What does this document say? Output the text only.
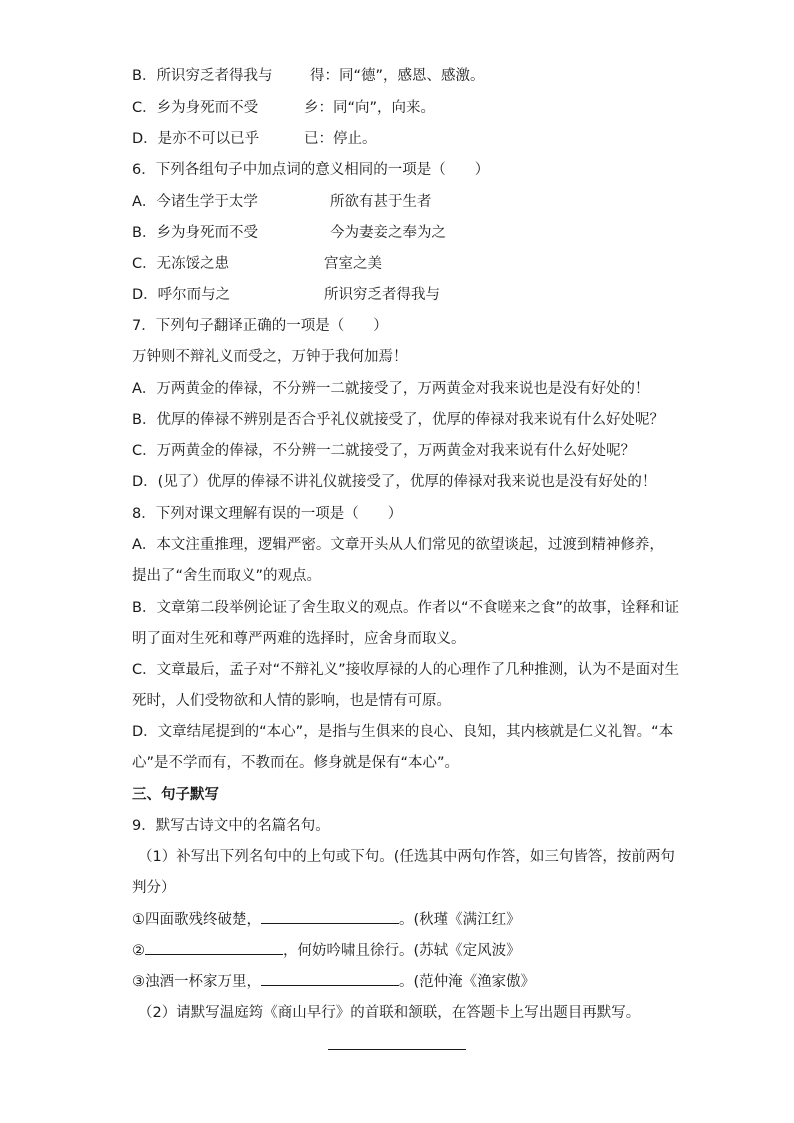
B．所识穷乏者得我与	得：同“德”，感恩、感激。
C．乡为身死而不受	乡：同“向”，向来。
D．是亦不可以已乎	已：停止。
6．下列各组句子中加点词的意义相同的一项是（　　）
A．今诸生学于太学	所欲有甚于生者
B．乡为身死而不受	今为妻妾之奉为之
C．无冻馁之患	宫室之美
D．呼尔而与之	所识穷乏者得我与
7．下列句子翻译正确的一项是（　　）
万钟则不辩礼义而受之，万钟于我何加焉！
A．万两黄金的俸禄，不分辨一二就接受了，万两黄金对我来说也是没有好处的！
B．优厚的俸禄不辨别是否合乎礼仪就接受了，优厚的俸禄对我来说有什么好处呢？
C．万两黄金的俸禄，不分辨一二就接受了，万两黄金对我来说有什么好处呢？
D．(见了）优厚的俸禄不讲礼仪就接受了，优厚的俸禄对我来说也是没有好处的！
8．下列对课文理解有误的一项是（　　）
A．本文注重推理，逻辑严密。文章开头从人们常见的欲望谈起，过渡到精神修养，
提出了“舍生而取义”的观点。
B．文章第二段举例论证了舍生取义的观点。作者以“不食嗟来之食”的故事，诠释和证
明了面对生死和尊严两难的选择时，应舍身而取义。
C．文章最后，孟子对“不辩礼义”接收厚禄的人的心理作了几种推测，认为不是面对生
死时，人们受物欲和人情的影响，也是情有可原。
D．文章结尾提到的“本心”，是指与生俱来的良心、良知，其内核就是仁义礼智。“本
心”是不学而有，不教而在。修身就是保有“本心”。
三、句子默写
9．默写古诗文中的名篇名句。
（1）补写出下列名句中的上句或下句。(任选其中两句作答，如三句皆答，按前两句
判分）
①四面歌残终破楚，	。(秋瑾《满江红》
②	，何妨吟啸且徐行。(苏轼《定风波》
③浊酒一杯家万里，	。(范仲淹《渔家傲》
（2）请默写温庭筠《商山早行》的首联和颔联，在答题卡上写出题目再默写。
